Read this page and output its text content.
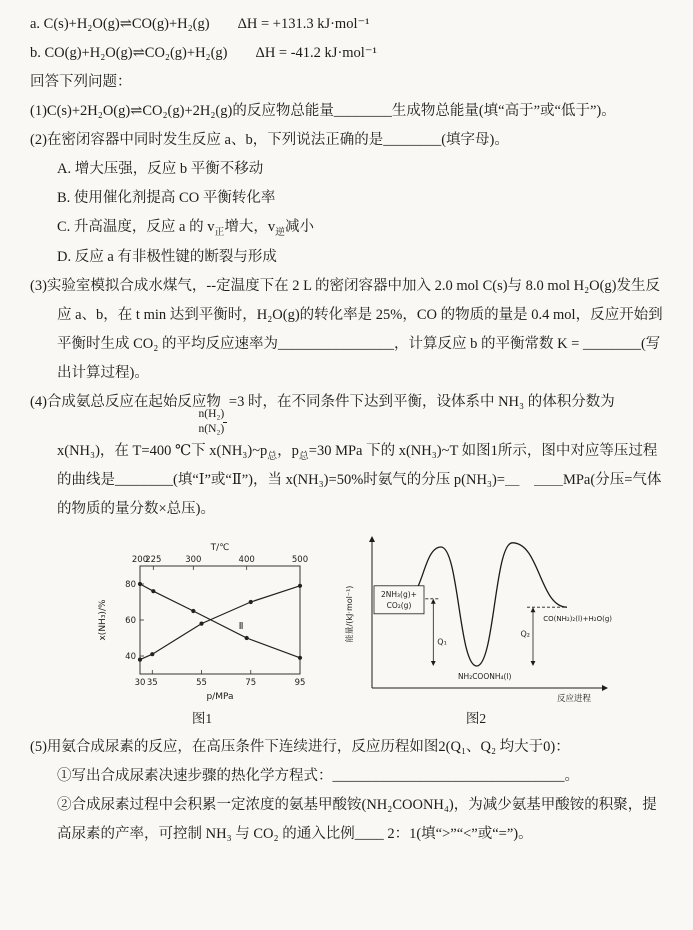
a. C(s)+H₂O(g)⇌CO(g)+H₂(g) ΔH = +131.3 kJ·mol⁻¹

b. CO(g)+H₂O(g)⇌CO₂(g)+H₂(g) ΔH = -41.2 kJ·mol⁻¹

回答下列问题：

(1)C(s)+2H₂O(g)⇌CO₂(g)+2H₂(g)的反应物总能量________生成物总能量(填“高于”或“低于”)。

(2)在密闭容器中同时发生反应 a、b，下列说法正确的是________(填字母)。

A. 增大压强，反应 b 平衡不移动

B. 使用催化剂提高 CO 平衡转化率

C. 升高温度，反应 a 的 $v_正$增大，$v_逆$减小

D. 反应 a 有非极性键的断裂与形成

(3)实验室模拟合成水煤气，--定温度下在 2 L 的密闭容器中加入 2.0 mol C(s)与 8.0 mol H₂O(g)发生反应 a、b，在 t min 达到平衡时，H₂O(g)的转化率是 25%，CO 的物质的量是 0.4 mol，反应开始到平衡时生成 CO₂ 的平均反应速率为________________，计算反应 b 的平衡常数 K = ________(写出计算过程)。

(4)合成氨总反应在起始反应物
$\frac{\text{n(H₂)}}{\text{n(N₂)}}$
=3 时，在不同条件下达到平衡，设体系中 NH₃ 的体积分数为 x(NH₃)，在 T=400 ℃下 $x(NH_3)\sim p_总$，$p_总=30$ MPa 下的 x(NH₃)~T 如图1所示，图中对应等压过程的曲线是________(填“Ⅰ”或“Ⅱ”)，当 x(NH₃)=50%时氨气的分压 p(NH₃)=＿　＿＿MPa(分压=气体的物质的量分数×总压)。

40
60
80
30 35	55	75	95
200
225	300	400	500
T/℃
p/MPa
x(NH₃)/%	Ⅱ
图1
Q₁
Q₂
2NH₃(g)+
CO₂(g)
NH₂COONH₄(l)
CO(NH₂)₂(l)+H₂O(g)
能量/(kJ·mol⁻¹)
反应进程
图2

(5)用氨合成尿素的反应，在高压条件下连续进行，反应历程如图2(Q₁、Q₂ 均大于0)：

①写出合成尿素决速步骤的热化学方程式：________________________________。

②合成尿素过程中会积累一定浓度的氨基甲酸铵(NH₂COONH₄)，为减少氨基甲酸铵的积聚，提高尿素的产率，可控制 NH₃ 与 CO₂ 的通入比例____ 2：1(填“>”“<”或“=”)。
